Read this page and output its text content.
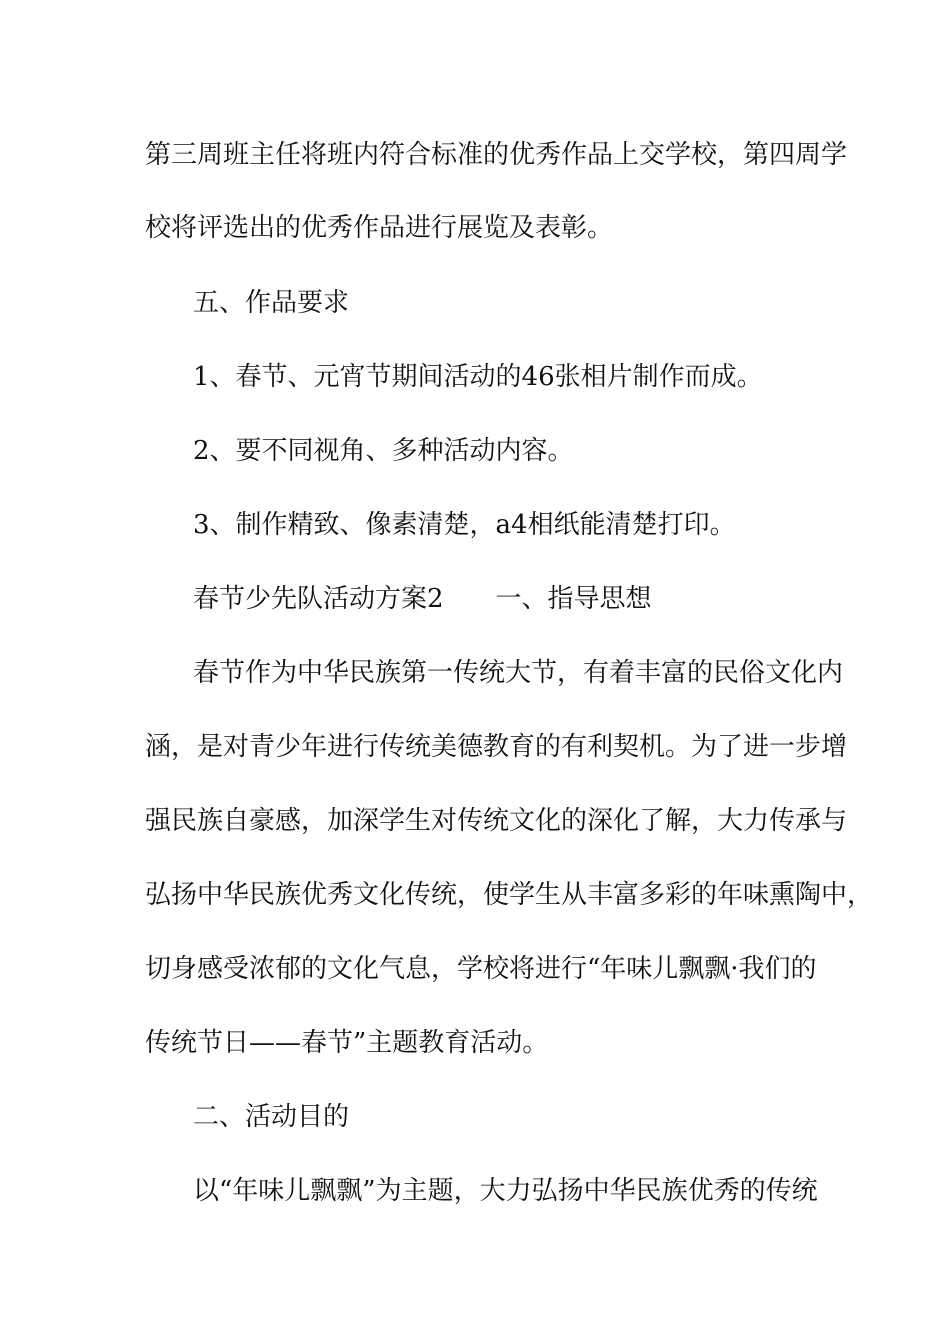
第三周班主任将班内符合标准的优秀作品上交学校，第四周学
校将评选出的优秀作品进行展览及表彰。
五、作品要求
1、春节、元宵节期间活动的46张相片制作而成。
2、要不同视角、多种活动内容。
3、制作精致、像素清楚，a4相纸能清楚打印。
春节少先队活动方案2 一、指导思想
春节作为中华民族第一传统大节，有着丰富的民俗文化内
涵，是对青少年进行传统美德教育的有利契机。为了进一步增
强民族自豪感，加深学生对传统文化的深化了解，大力传承与
弘扬中华民族优秀文化传统，使学生从丰富多彩的年味熏陶中，
切身感受浓郁的文化气息，学校将进行“年味儿飘飘·我们的
传统节日——春节”主题教育活动。
二、活动目的
以“年味儿飘飘”为主题，大力弘扬中华民族优秀的传统
